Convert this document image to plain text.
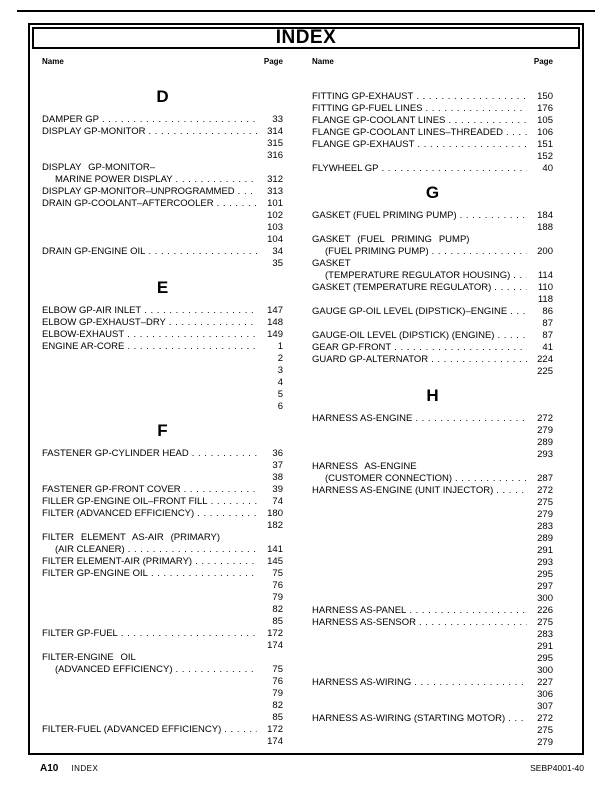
INDEX
Name	Page	Name	Page
D
DAMPER GP . . .	33
DISPLAY GP-MONITOR . . .	314
315
316
DISPLAY GP-MONITOR–
MARINE POWER DISPLAY . . .	312
DISPLAY GP-MONITOR–UNPROGRAMMED . . .	313
DRAIN GP-COOLANT–AFTERCOOLER . . .	101
102
103
104
DRAIN GP-ENGINE OIL . . .	34
35
E
ELBOW GP-AIR INLET . . .	147
ELBOW GP-EXHAUST–DRY . . .	148
ELBOW-EXHAUST . . .	149
ENGINE AR-CORE . . .	1
2
3
4
5
6
F
FASTENER GP-CYLINDER HEAD . . .	36
37
38
FASTENER GP-FRONT COVER . . .	39
FILLER GP-ENGINE OIL–FRONT FILL . . .	74
FILTER (ADVANCED EFFICIENCY) . . .	180
182
FILTER ELEMENT AS-AIR (PRIMARY)
(AIR CLEANER) . . .	141
FILTER ELEMENT-AIR (PRIMARY) . . .	145
FILTER GP-ENGINE OIL . . .	75
76
79
82
85
FILTER GP-FUEL . . .	172
174
FILTER-ENGINE OIL
(ADVANCED EFFICIENCY) . . .	75
76
79
82
85
FILTER-FUEL (ADVANCED EFFICIENCY) . . .	172
174
FITTING GP-EXHAUST . . .	150
FITTING GP-FUEL LINES . . .	176
FLANGE GP-COOLANT LINES . . .	105
FLANGE GP-COOLANT LINES–THREADED . . .	106
FLANGE GP-EXHAUST . . .	151
152
FLYWHEEL GP . . .	40
G
GASKET (FUEL PRIMING PUMP) . . .	184
188
GASKET (FUEL PRIMING PUMP)
(FUEL PRIMING PUMP) . . .	200
GASKET
(TEMPERATURE REGULATOR HOUSING) . . .	114
GASKET (TEMPERATURE REGULATOR) . . .	110
118
GAUGE GP-OIL LEVEL (DIPSTICK)–ENGINE . . .	86
87
GAUGE-OIL LEVEL (DIPSTICK) (ENGINE) . . .	87
GEAR GP-FRONT . . .	41
GUARD GP-ALTERNATOR . . .	224
225
H
HARNESS AS-ENGINE . . .	272
279
289
293
HARNESS AS-ENGINE
(CUSTOMER CONNECTION) . . .	287
HARNESS AS-ENGINE (UNIT INJECTOR) . . .	272
275
279
283
289
291
293
295
297
300
HARNESS AS-PANEL . . .	226
HARNESS AS-SENSOR . . .	275
283
291
295
300
HARNESS AS-WIRING . . .	227
306
307
HARNESS AS-WIRING (STARTING MOTOR) . . .	272
275
279
A10 INDEX	SEBP4001-40
